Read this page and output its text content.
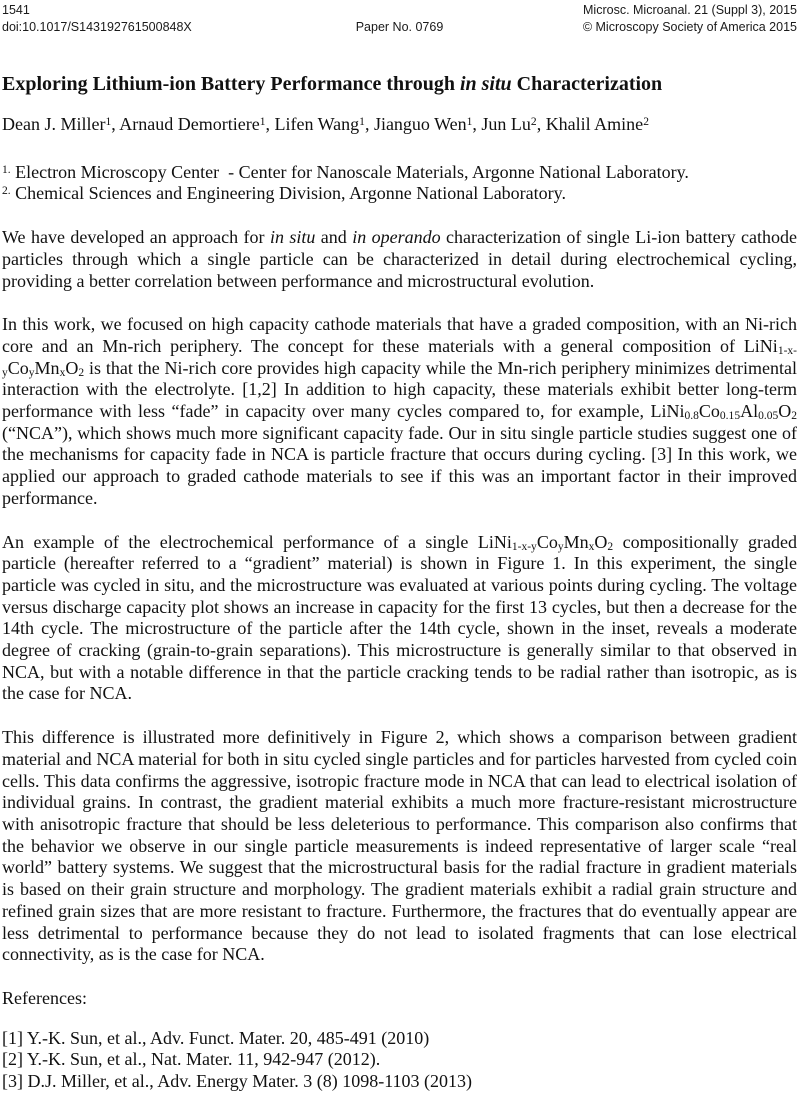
1541
doi:10.1017/S143192761500848X	Paper No. 0769
Microsc. Microanal. 21 (Suppl 3), 2015
© Microscopy Society of America 2015
Exploring Lithium-ion Battery Performance through in situ Characterization
Dean J. Miller$^1$, Arnaud Demortiere$^1$, Lifen Wang$^1$, Jianguo Wen$^1$, Jun Lu$^2$, Khalil Amine$^2$
$^{1.}$ Electron Microscopy Center  - Center for Nanoscale Materials, Argonne National Laboratory.
$^{2.}$ Chemical Sciences and Engineering Division, Argonne National Laboratory.

We have developed an approach for in situ and in operando characterization of single Li-ion battery cathode particles through which a single particle can be characterized in detail during electrochemical cycling, providing a better correlation between performance and microstructural evolution.

In this work, we focused on high capacity cathode materials that have a graded composition, with an Ni-rich core and an Mn-rich periphery. The concept for these materials with a general composition of $LiNi_{1-x-y}Co_yMn_xO_2$ is that the Ni-rich core provides high capacity while the Mn-rich periphery minimizes detrimental interaction with the electrolyte. [1,2] In addition to high capacity, these materials exhibit better long-term performance with less “fade” in capacity over many cycles compared to, for example, $LiNi_{0.8}Co_{0.15}Al_{0.05}O_2$ (“NCA”), which shows much more significant capacity fade. Our in situ single particle studies suggest one of the mechanisms for capacity fade in NCA is particle fracture that occurs during cycling. [3] In this work, we applied our approach to graded cathode materials to see if this was an important factor in their improved performance.

An example of the electrochemical performance of a single $LiNi_{1-x-y}Co_yMn_xO_2$ compositionally graded particle (hereafter referred to a “gradient” material) is shown in Figure 1. In this experiment, the single particle was cycled in situ, and the microstructure was evaluated at various points during cycling. The voltage versus discharge capacity plot shows an increase in capacity for the first 13 cycles, but then a decrease for the 14th cycle. The microstructure of the particle after the 14th cycle, shown in the inset, reveals a moderate degree of cracking (grain-to-grain separations). This microstructure is generally similar to that observed in NCA, but with a notable difference in that the particle cracking tends to be radial rather than isotropic, as is the case for NCA.

This difference is illustrated more definitively in Figure 2, which shows a comparison between gradient material and NCA material for both in situ cycled single particles and for particles harvested from cycled coin cells. This data confirms the aggressive, isotropic fracture mode in NCA that can lead to electrical isolation of individual grains. In contrast, the gradient material exhibits a much more fracture-resistant microstructure with anisotropic fracture that should be less deleterious to performance. This comparison also confirms that the behavior we observe in our single particle measurements is indeed representative of larger scale “real world” battery systems. We suggest that the microstructural basis for the radial fracture in gradient materials is based on their grain structure and morphology. The gradient materials exhibit a radial grain structure and refined grain sizes that are more resistant to fracture. Furthermore, the fractures that do eventually appear are less detrimental to performance because they do not lead to isolated fragments that can lose electrical connectivity, as is the case for NCA.

References:
[1] Y.-K. Sun, et al., Adv. Funct. Mater. 20, 485-491 (2010)
[2] Y.-K. Sun, et al., Nat. Mater. 11, 942-947 (2012).
[3] D.J. Miller, et al., Adv. Energy Mater. 3 (8) 1098-1103 (2013)
